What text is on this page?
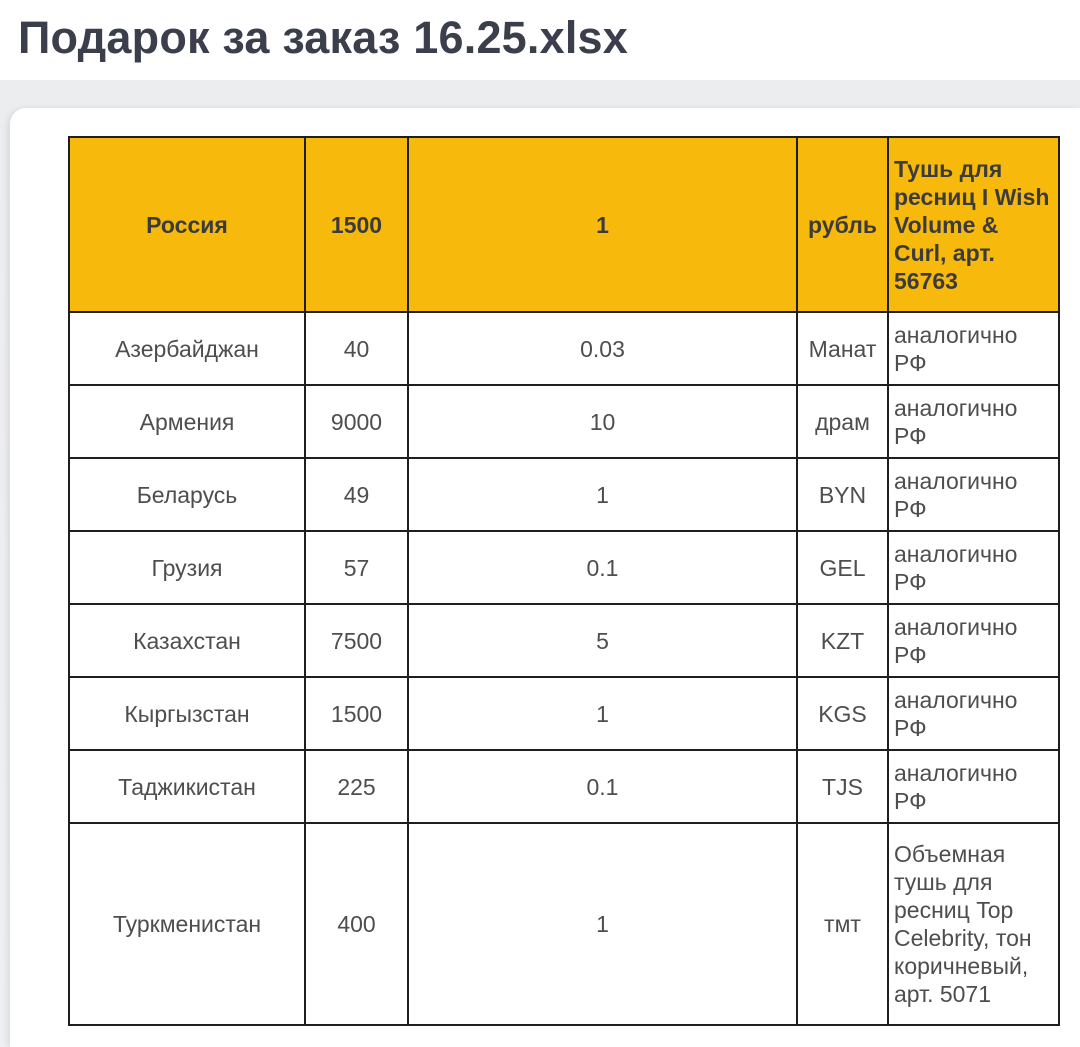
Подарок за заказ 16.25.xlsx
Россия	1500	1	рубль	Тушь для ресниц I Wish Volume & Curl, арт. 56763
Азербайджан	40	0.03	Манат	аналогично РФ
Армения	9000	10	драм	аналогично РФ
Беларусь	49	1	BYN	аналогично РФ
Грузия	57	0.1	GEL	аналогично РФ
Казахстан	7500	5	KZT	аналогично РФ
Кыргызстан	1500	1	KGS	аналогично РФ
Таджикистан	225	0.1	TJS	аналогично РФ
Туркменистан	400	1	тмт	Объемная тушь для ресниц Top Celebrity, тон коричневый, арт. 5071
